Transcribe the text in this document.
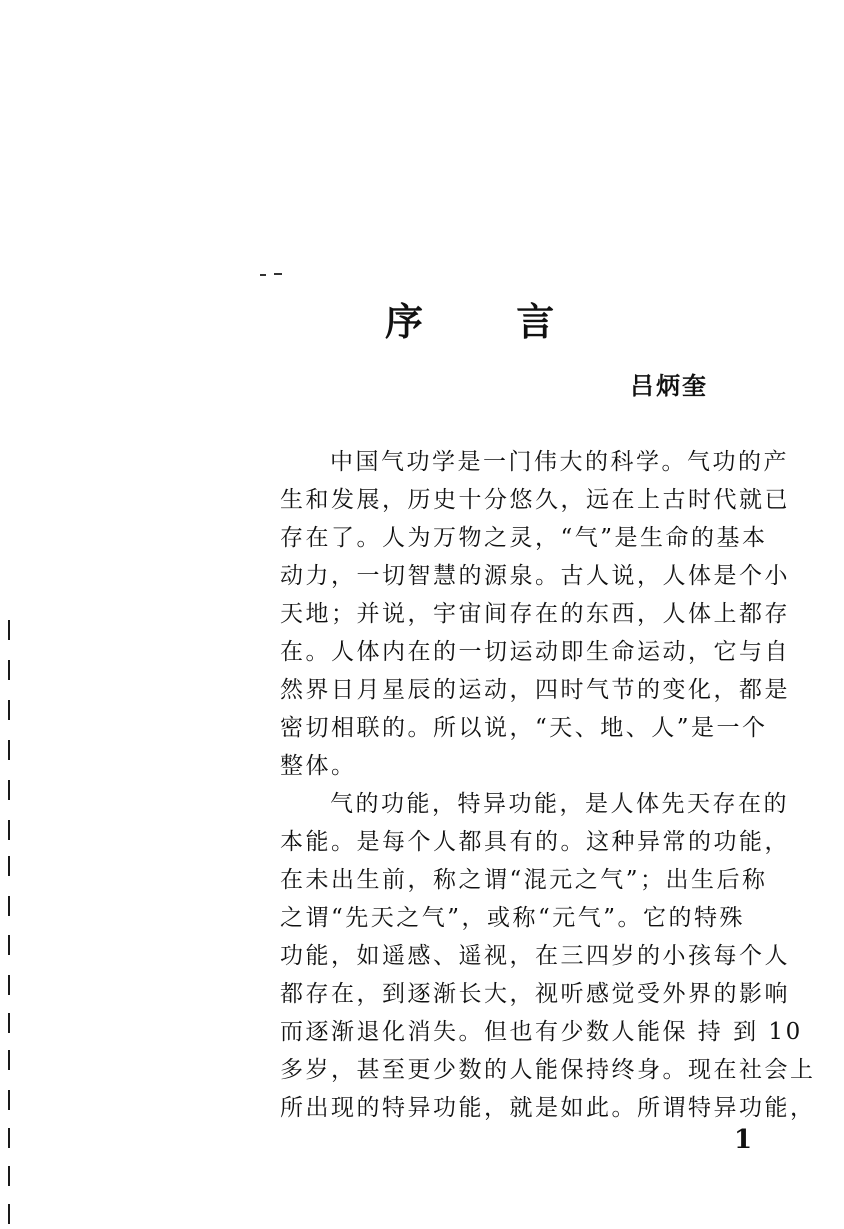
序 言
吕炳奎
中国气功学是一门伟大的科学。气功的产
生和发展，历史十分悠久，远在上古时代就已
存在了。人为万物之灵，“气”是生命的基本
动力，一切智慧的源泉。古人说，人体是个小
天地；并说，宇宙间存在的东西，人体上都存
在。人体内在的一切运动即生命运动，它与自
然界日月星辰的运动，四时气节的变化，都是
密切相联的。所以说，“天、地、人”是一个
整体。
气的功能，特异功能，是人体先天存在的
本能。是每个人都具有的。这种异常的功能，
在未出生前，称之谓“混元之气”；出生后称
之谓“先天之气”，或称“元气”。它的特殊
功能，如遥感、遥视，在三四岁的小孩每个人
都存在，到逐渐长大，视听感觉受外界的影响
而逐渐退化消失。但也有少数人能保 持 到 10
多岁，甚至更少数的人能保持终身。现在社会上
所出现的特异功能，就是如此。所谓特异功能，
1
